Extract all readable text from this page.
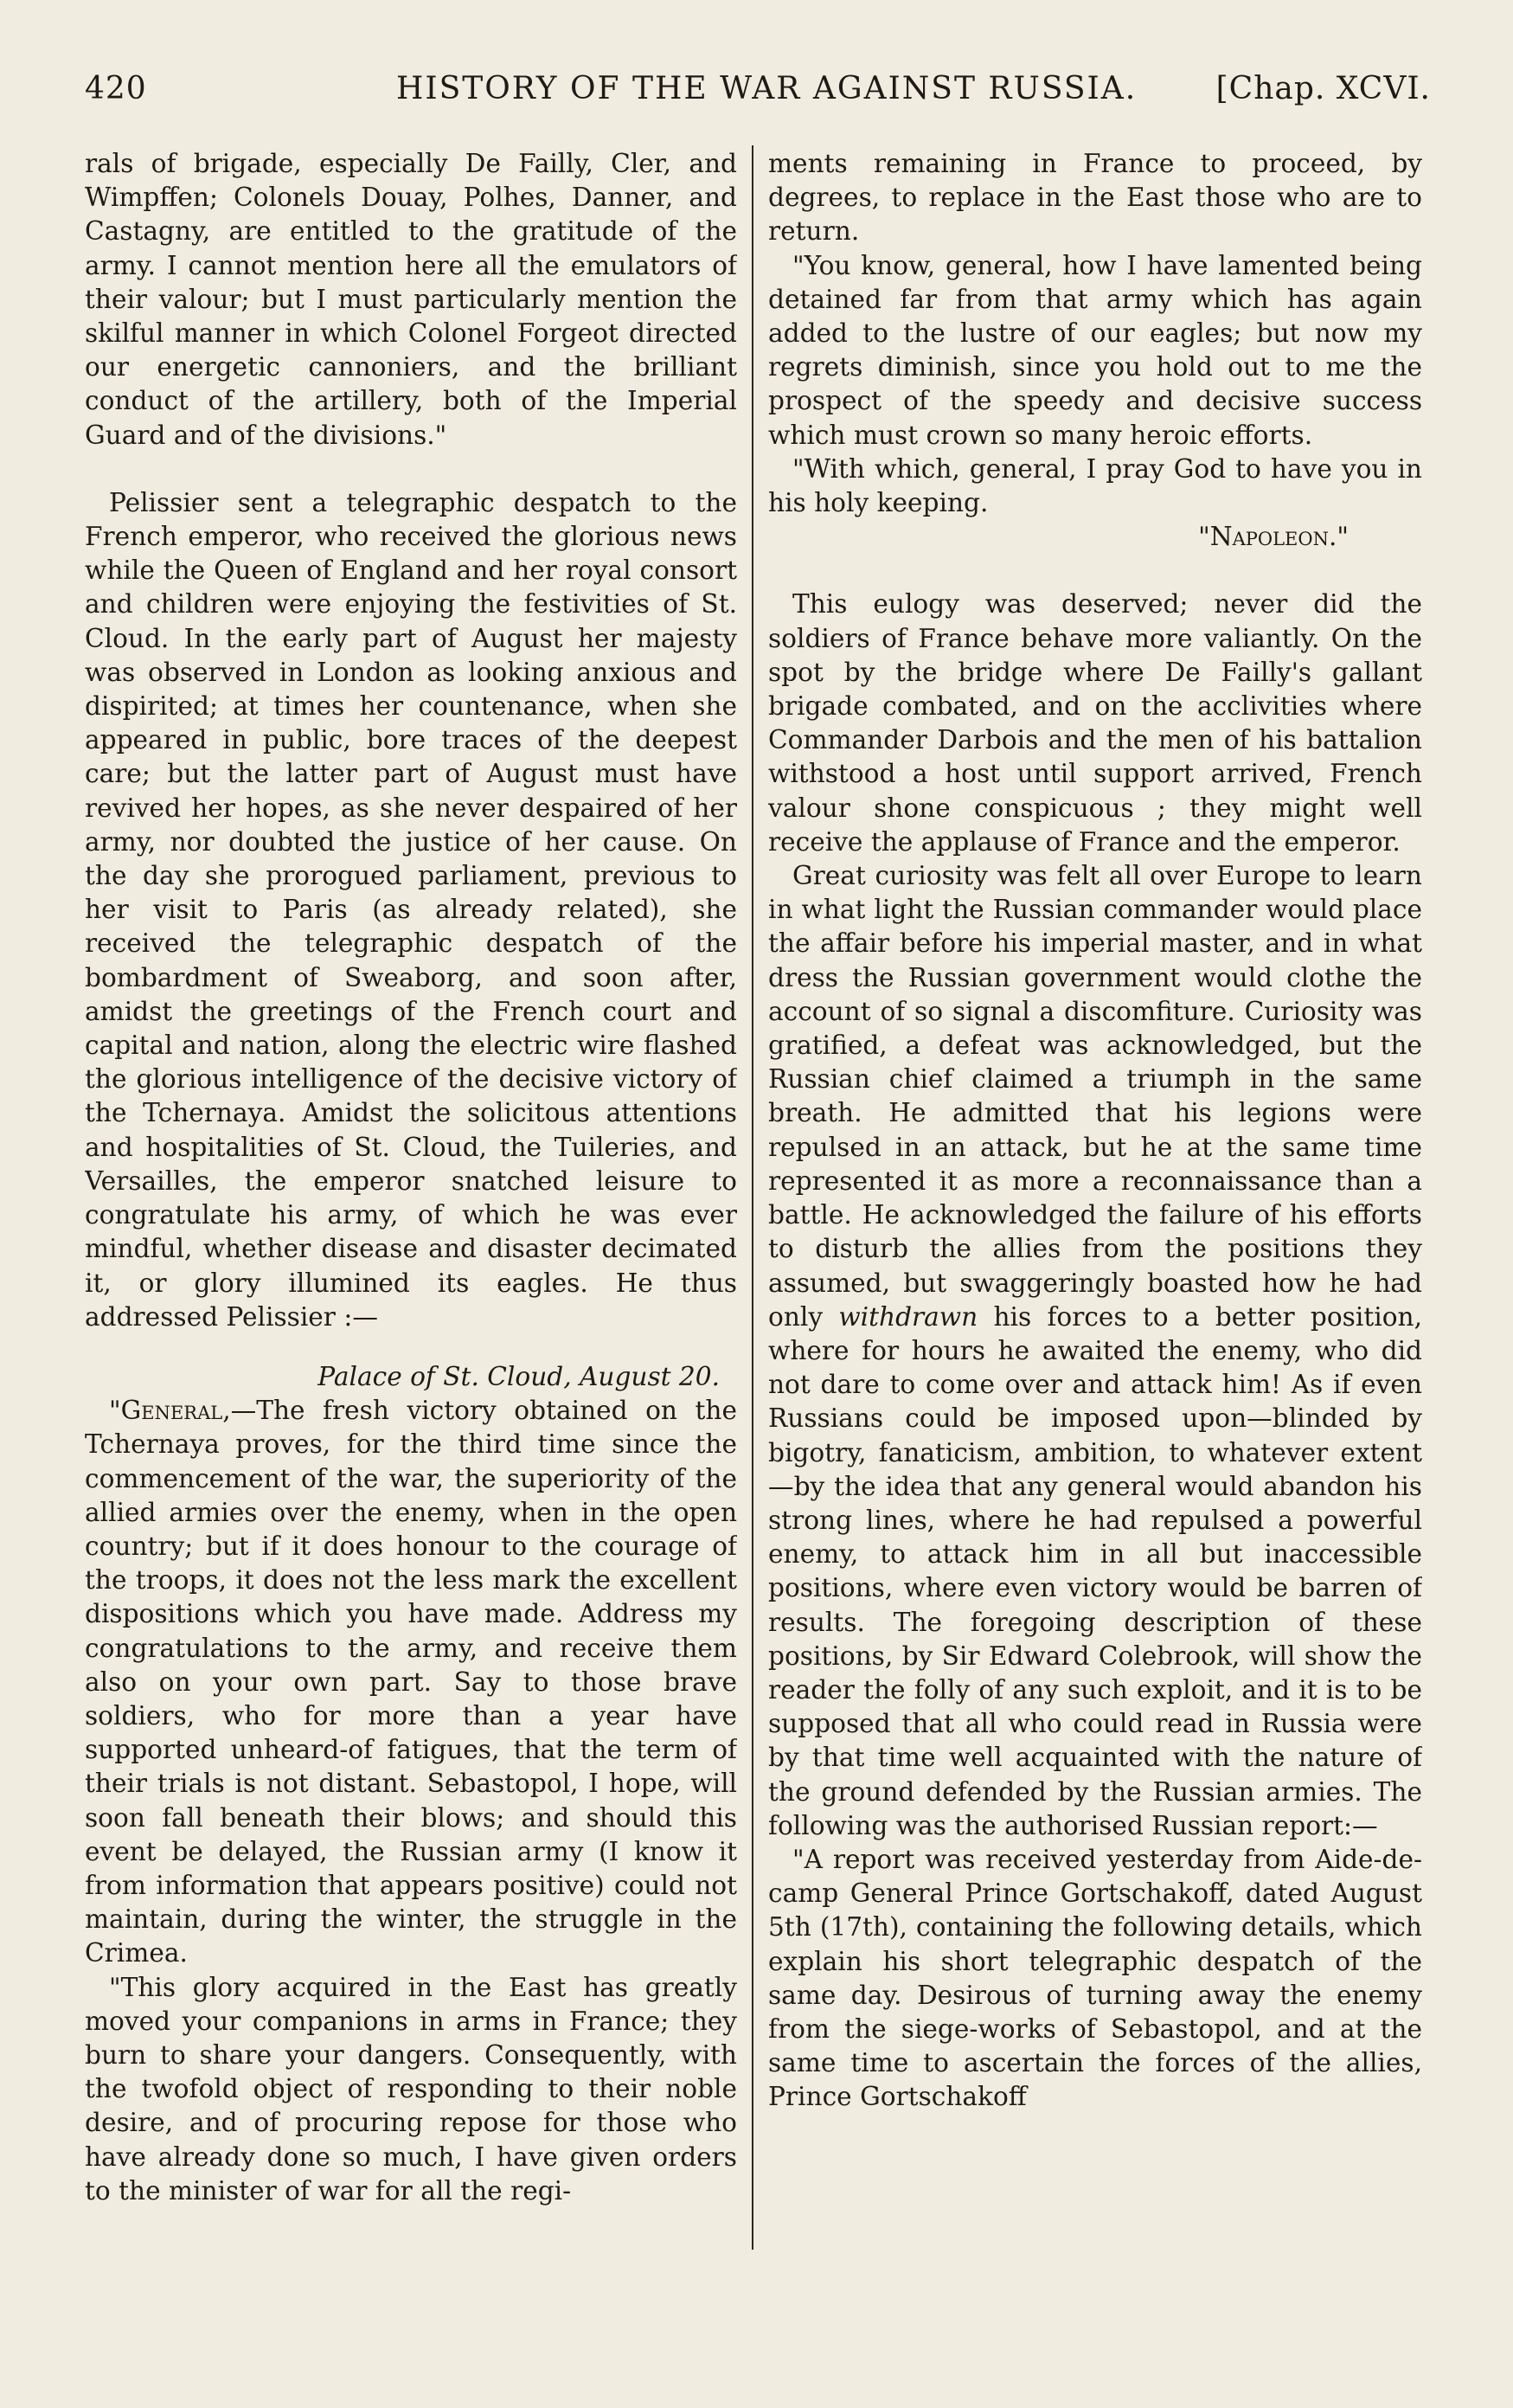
420	HISTORY OF THE WAR AGAINST RUSSIA.	[Chap. XCVI.

rals of brigade, especially De Failly, Cler, and Wimpffen; Colonels Douay, Polhes, Danner, and Castagny, are entitled to the gratitude of the army. I cannot mention here all the emulators of their valour; but I must particularly mention the skilful manner in which Colonel Forgeot directed our energetic cannoniers, and the brilliant conduct of the artillery, both of the Imperial Guard and of the divisions."

Pelissier sent a telegraphic despatch to the French emperor, who received the glorious news while the Queen of England and her royal consort and children were enjoying the festivities of St. Cloud. In the early part of August her majesty was observed in London as looking anxious and dispirited; at times her countenance, when she appeared in public, bore traces of the deepest care; but the latter part of August must have revived her hopes, as she never despaired of her army, nor doubted the justice of her cause. On the day she prorogued parliament, previous to her visit to Paris (as already related), she received the telegraphic despatch of the bombardment of Sweaborg, and soon after, amidst the greetings of the French court and capital and nation, along the electric wire flashed the glorious intelligence of the decisive victory of the Tchernaya. Amidst the solicitous attentions and hospitalities of St. Cloud, the Tuileries, and Versailles, the emperor snatched leisure to congratulate his army, of which he was ever mindful, whether disease and disaster decimated it, or glory illumined its eagles. He thus addressed Pelissier :—

Palace of St. Cloud, August 20.

"General,—The fresh victory obtained on the Tchernaya proves, for the third time since the commencement of the war, the superiority of the allied armies over the enemy, when in the open country; but if it does honour to the courage of the troops, it does not the less mark the excellent dispositions which you have made. Address my congratulations to the army, and receive them also on your own part. Say to those brave soldiers, who for more than a year have supported unheard-of fatigues, that the term of their trials is not distant. Sebastopol, I hope, will soon fall beneath their blows; and should this event be delayed, the Russian army (I know it from information that appears positive) could not maintain, during the winter, the struggle in the Crimea.

"This glory acquired in the East has greatly moved your companions in arms in France; they burn to share your dangers. Consequently, with the twofold object of responding to their noble desire, and of procuring repose for those who have already done so much, I have given orders to the minister of war for all the regi-

ments remaining in France to proceed, by degrees, to replace in the East those who are to return.

"You know, general, how I have lamented being detained far from that army which has again added to the lustre of our eagles; but now my regrets diminish, since you hold out to me the prospect of the speedy and decisive success which must crown so many heroic efforts.

"With which, general, I pray God to have you in his holy keeping.

"Napoleon."

This eulogy was deserved; never did the soldiers of France behave more valiantly. On the spot by the bridge where De Failly's gallant brigade combated, and on the acclivities where Commander Darbois and the men of his battalion withstood a host until support arrived, French valour shone conspicuous ; they might well receive the applause of France and the emperor.

Great curiosity was felt all over Europe to learn in what light the Russian commander would place the affair before his imperial master, and in what dress the Russian government would clothe the account of so signal a discomfiture. Curiosity was gratified, a defeat was acknowledged, but the Russian chief claimed a triumph in the same breath. He admitted that his legions were repulsed in an attack, but he at the same time represented it as more a reconnaissance than a battle. He acknowledged the failure of his efforts to disturb the allies from the positions they assumed, but swaggeringly boasted how he had only withdrawn his forces to a better position, where for hours he awaited the enemy, who did not dare to come over and attack him! As if even Russians could be imposed upon—blinded by bigotry, fanaticism, ambition, to whatever extent—by the idea that any general would abandon his strong lines, where he had repulsed a powerful enemy, to attack him in all but inaccessible positions, where even victory would be barren of results. The foregoing description of these positions, by Sir Edward Colebrook, will show the reader the folly of any such exploit, and it is to be supposed that all who could read in Russia were by that time well acquainted with the nature of the ground defended by the Russian armies. The following was the authorised Russian report:—

"A report was received yesterday from Aide-de-camp General Prince Gortschakoff, dated August 5th (17th), containing the following details, which explain his short telegraphic despatch of the same day. Desirous of turning away the enemy from the siege-works of Sebastopol, and at the same time to ascertain the forces of the allies, Prince Gortschakoff
